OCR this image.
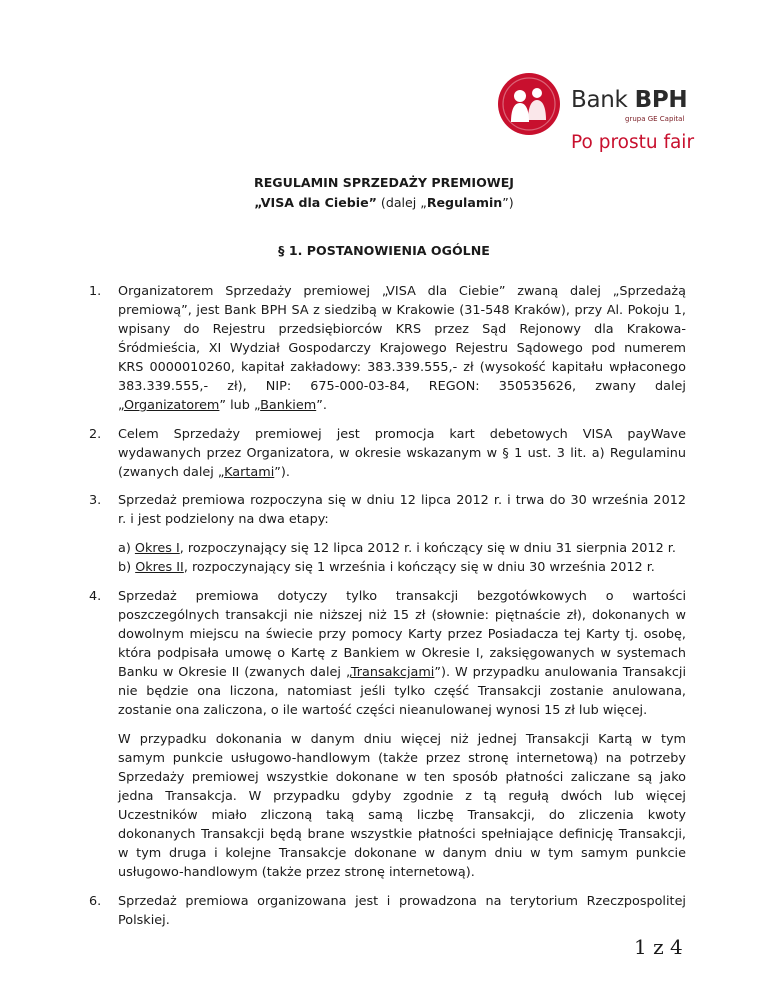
Bank BPH
grupa GE Capital
Po prostu fair
REGULAMIN SPRZEDAŻY PREMIOWEJ
„VISA dla Ciebie” (dalej „Regulamin”)
§ 1. POSTANOWIENIA OGÓLNE
1. Organizatorem Sprzedaży premiowej „VISA dla Ciebie” zwaną dalej „Sprzedażą
premiową”, jest Bank BPH SA z siedzibą w Krakowie (31-548 Kraków), przy Al. Pokoju 1,
wpisany do Rejestru przedsiębiorców KRS przez Sąd Rejonowy dla Krakowa-
Śródmieścia, XI Wydział Gospodarczy Krajowego Rejestru Sądowego pod numerem
KRS 0000010260, kapitał zakładowy: 383.339.555,- zł (wysokość kapitału wpłaconego
383.339.555,- zł), NIP: 675-000-03-84, REGON: 350535626, zwany dalej
„Organizatorem” lub „Bankiem”.
2. Celem Sprzedaży premiowej jest promocja kart debetowych VISA payWave
wydawanych przez Organizatora, w okresie wskazanym w § 1 ust. 3 lit. a) Regulaminu
(zwanych dalej „Kartami”).
3. Sprzedaż premiowa rozpoczyna się w dniu 12 lipca 2012 r. i trwa do 30 września 2012
r. i jest podzielony na dwa etapy:
a) Okres I, rozpoczynający się 12 lipca 2012 r. i kończący się w dniu 31 sierpnia 2012 r.
b) Okres II, rozpoczynający się 1 września i kończący się w dniu 30 września 2012 r.
4. Sprzedaż premiowa dotyczy tylko transakcji bezgotówkowych o wartości
poszczególnych transakcji nie niższej niż 15 zł (słownie: piętnaście zł), dokonanych w
dowolnym miejscu na świecie przy pomocy Karty przez Posiadacza tej Karty tj. osobę,
która podpisała umowę o Kartę z Bankiem w Okresie I, zaksięgowanych w systemach
Banku w Okresie II (zwanych dalej „Transakcjami”). W przypadku anulowania Transakcji
nie będzie ona liczona, natomiast jeśli tylko część Transakcji zostanie anulowana,
zostanie ona zaliczona, o ile wartość części nieanulowanej wynosi 15 zł lub więcej.
W przypadku dokonania w danym dniu więcej niż jednej Transakcji Kartą w tym
samym punkcie usługowo-handlowym (także przez stronę internetową) na potrzeby
Sprzedaży premiowej wszystkie dokonane w ten sposób płatności zaliczane są jako
jedna Transakcja. W przypadku gdyby zgodnie z tą regułą dwóch lub więcej
Uczestników miało zliczoną taką samą liczbę Transakcji, do zliczenia kwoty
dokonanych Transakcji będą brane wszystkie płatności spełniające definicję Transakcji,
w tym druga i kolejne Transakcje dokonane w danym dniu w tym samym punkcie
usługowo-handlowym (także przez stronę internetową).
6. Sprzedaż premiowa organizowana jest i prowadzona na terytorium Rzeczpospolitej
Polskiej.
1 z 4
